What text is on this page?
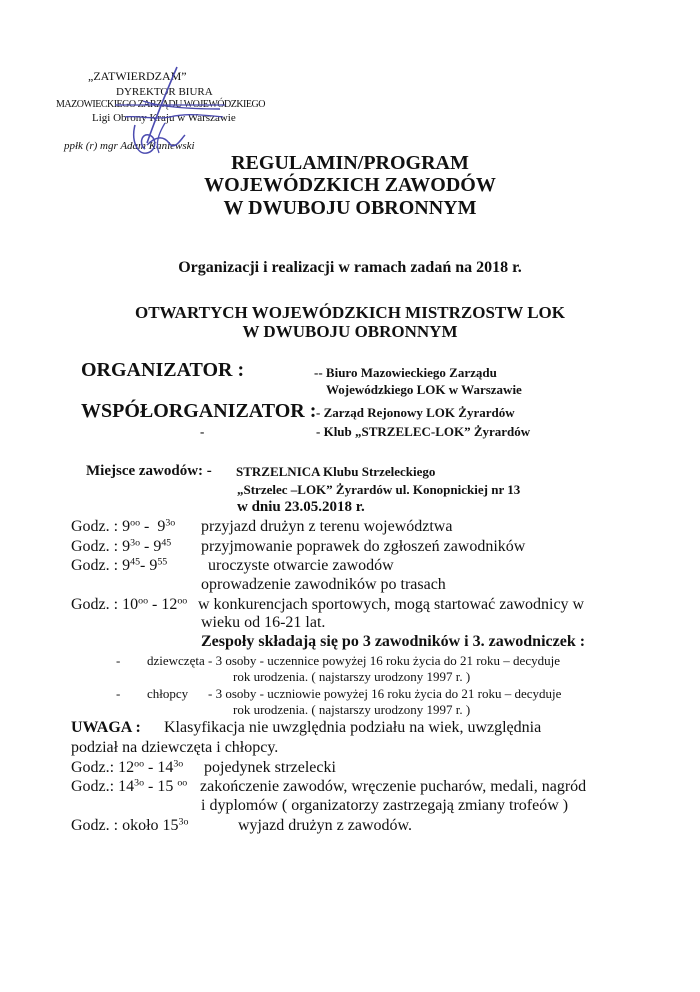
„ZATWIERDZAM”
DYREKTOR BIURA
MAZOWIECKIEGO ZARZĄDU WOJEWÓDZKIEGO
Ligi Obrony Kraju w Warszawie
ppłk (r) mgr Adam Kaniewski
REGULAMIN/PROGRAM
WOJEWÓDZKICH ZAWODÓW
W DWUBOJU OBRONNYM
Organizacji i realizacji w ramach zadań na 2018 r.
OTWARTYCH WOJEWÓDZKICH MISTRZOSTW LOK
W DWUBOJU OBRONNYM
ORGANIZATOR :	-- Biuro Mazowieckiego Zarządu
Wojewódzkiego LOK w Warszawie
WSPÓŁORGANIZATOR : - Zarząd Rejonowy LOK Żyrardów
-	- Klub „STRZELEC-LOK” Żyrardów
Miejsce zawodów: - STRZELNICA Klubu Strzeleckiego
„Strzelec –LOK” Żyrardów ul. Konopnickiej nr 13
w dniu 23.05.2018 r.
Godz. : $9^{oo} - 9^{3o}$ przyjazd drużyn z terenu województwa
Godz. : $9^{3o} - 9^{45}$ przyjmowanie poprawek do zgłoszeń zawodników
Godz. : $9^{45}-$ $9^{55}$	uroczyste otwarcie zawodów
oprowadzenie zawodników po trasach
Godz. : $10^{oo} - 12^{oo}$ w konkurencjach sportowych, mogą startować zawodnicy w
wieku od 16-21 lat.
Zespoły składają się po 3 zawodników i 3. zawodniczek :
- dziewczęta - 3 osoby - uczennice powyżej 16 roku życia do 21 roku – decyduje
rok urodzenia. ( najstarszy urodzony 1997 r. )
- chłopcy - 3 osoby - uczniowie powyżej 16 roku życia do 21 roku – decyduje
rok urodzenia. ( najstarszy urodzony 1997 r. )
UWAGA : Klasyfikacja nie uwzględnia podziału na wiek, uwzględnia
podział na dziewczęta i chłopcy.
Godz.: $12^{oo} - 14^{3o}$ pojedynek strzelecki
Godz.: $14^{3o} - 15$ $^{oo}$ zakończenie zawodów, wręczenie pucharów, medali, nagród
i dyplomów ( organizatorzy zastrzegają zmiany trofeów )
Godz. : około $15^{3o}$	wyjazd drużyn z zawodów.
